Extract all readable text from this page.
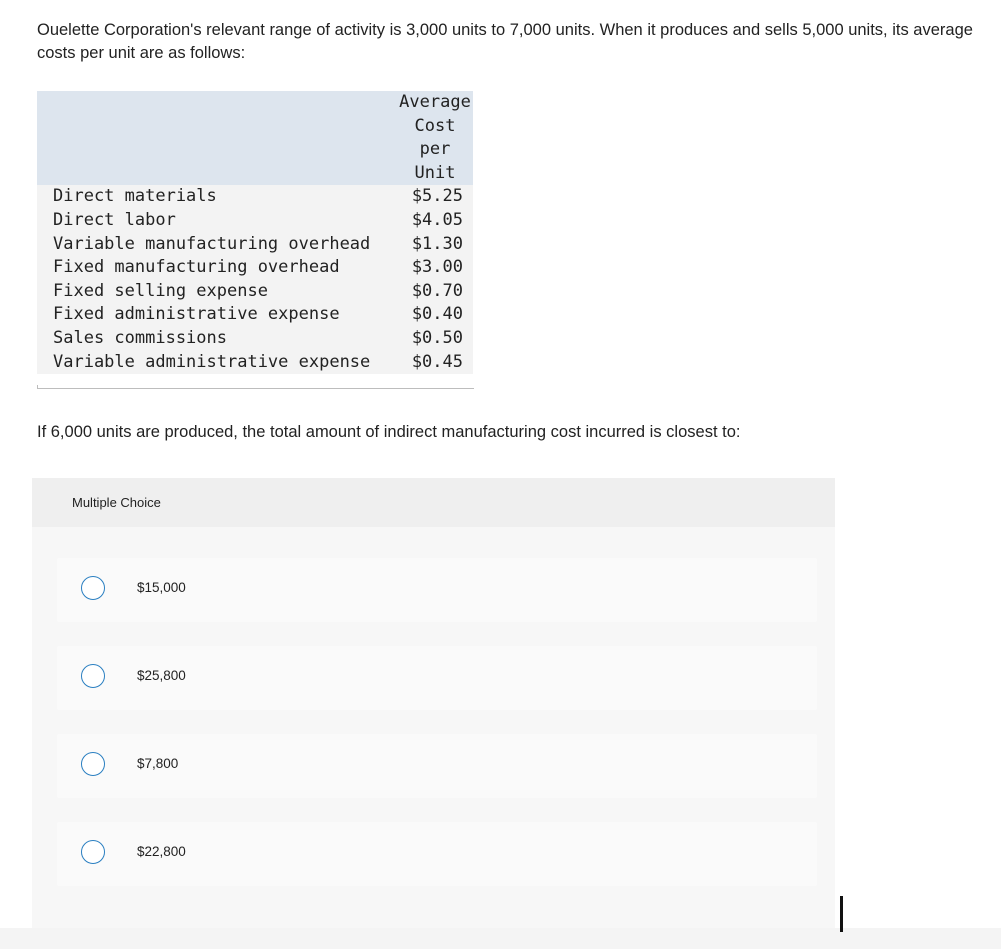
Ouelette Corporation's relevant range of activity is 3,000 units to 7,000 units. When it produces and sells 5,000 units, its average costs per unit are as follows:

	Average
Cost
per
Unit

Direct materials	$5.25
Direct labor	$4.05
Variable manufacturing overhead	$1.30
Fixed manufacturing overhead	$3.00
Fixed selling expense	$0.70
Fixed administrative expense	$0.40
Sales commissions	$0.50
Variable administrative expense	$0.45
If 6,000 units are produced, the total amount of indirect manufacturing cost incurred is closest to:
Multiple Choice
$15,000
$25,800
$7,800
$22,800
